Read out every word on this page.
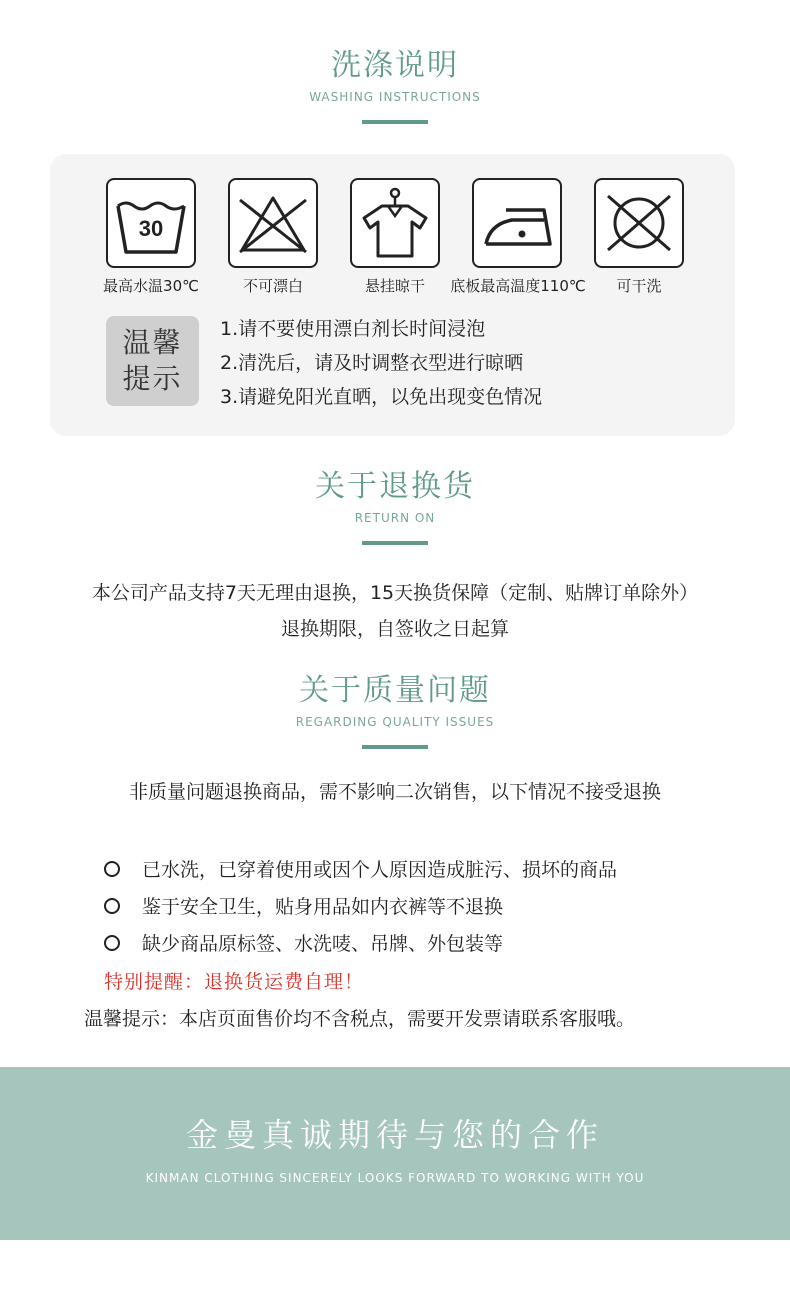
洗涤说明
WASHING INSTRUCTIONS
30
最高水温30℃	不可漂白	悬挂晾干	底板最高温度110℃	可干洗
温馨
提示
1.请不要使用漂白剂长时间浸泡
2.清洗后，请及时调整衣型进行晾晒
3.请避免阳光直晒，以免出现变色情况
关于退换货
RETURN ON
本公司产品支持7天无理由退换，15天换货保障（定制、贴牌订单除外）
退换期限，自签收之日起算
关于质量问题
REGARDING QUALITY ISSUES
非质量问题退换商品，需不影响二次销售，以下情况不接受退换
已水洗，已穿着使用或因个人原因造成脏污、损坏的商品
鉴于安全卫生，贴身用品如内衣裤等不退换
缺少商品原标签、水洗唛、吊牌、外包装等
特别提醒：退换货运费自理！
温馨提示：本店页面售价均不含税点，需要开发票请联系客服哦。
金曼真诚期待与您的合作
KINMAN CLOTHING SINCERELY LOOKS FORWARD TO WORKING WITH YOU
